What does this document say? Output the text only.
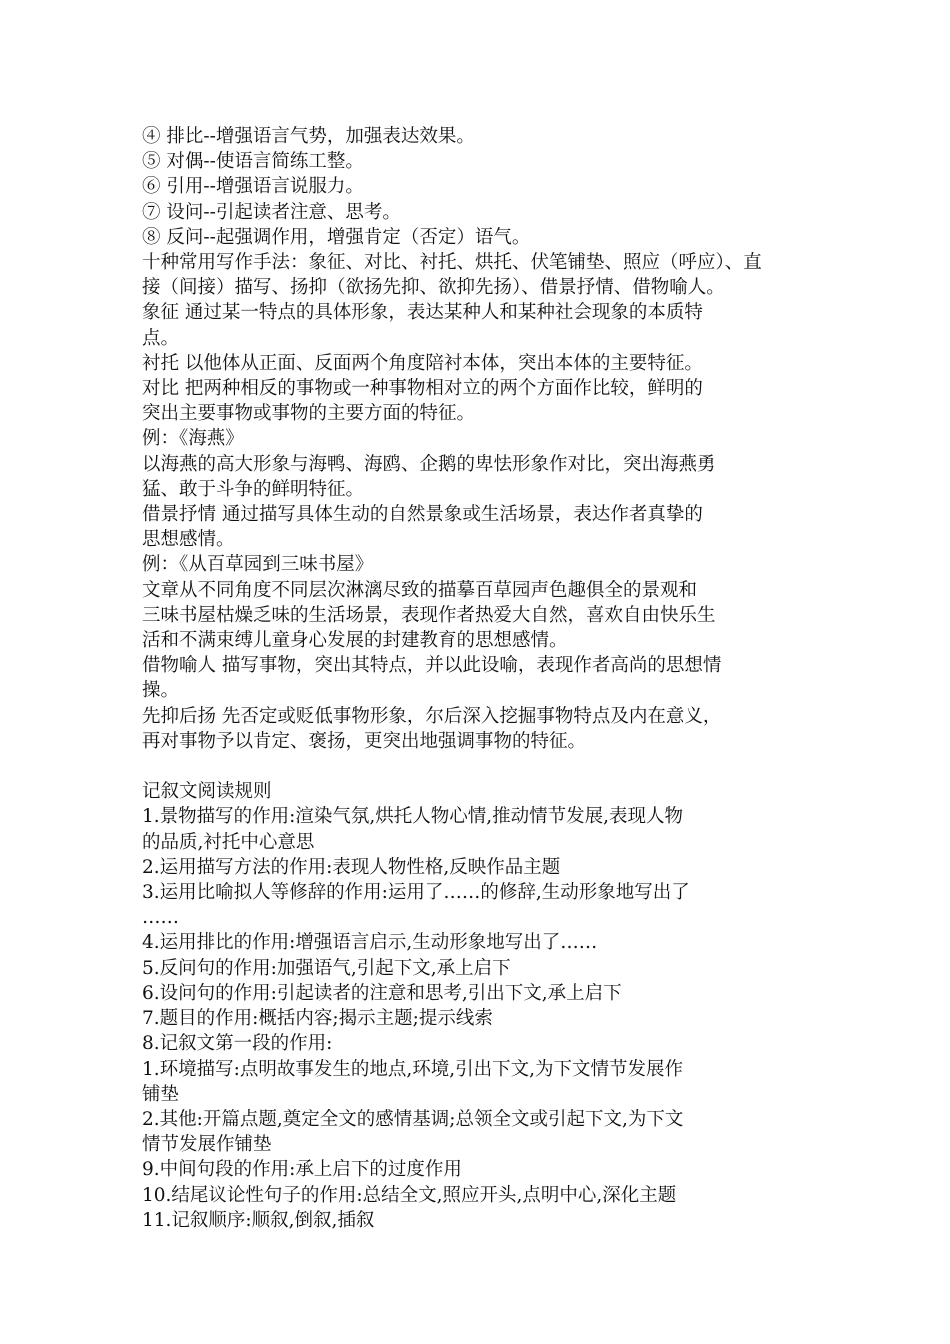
④ 排比--增强语言气势，加强表达效果。
⑤ 对偶--使语言简练工整。
⑥ 引用--增强语言说服力。
⑦ 设问--引起读者注意、思考。
⑧ 反问--起强调作用，增强肯定（否定）语气。
十种常用写作手法：象征、对比、衬托、烘托、伏笔铺垫、照应（呼应）、直
接（间接）描写、扬抑（欲扬先抑、欲抑先扬）、借景抒情、借物喻人。
象征 通过某一特点的具体形象，表达某种人和某种社会现象的本质特
点。
衬托 以他体从正面、反面两个角度陪衬本体，突出本体的主要特征。
对比 把两种相反的事物或一种事物相对立的两个方面作比较，鲜明的
突出主要事物或事物的主要方面的特征。
例：《海燕》
以海燕的高大形象与海鸭、海鸥、企鹅的卑怯形象作对比，突出海燕勇
猛、敢于斗争的鲜明特征。
借景抒情 通过描写具体生动的自然景象或生活场景，表达作者真挚的
思想感情。
例：《从百草园到三味书屋》
文章从不同角度不同层次淋漓尽致的描摹百草园声色趣俱全的景观和
三味书屋枯燥乏味的生活场景，表现作者热爱大自然，喜欢自由快乐生
活和不满束缚儿童身心发展的封建教育的思想感情。
借物喻人 描写事物，突出其特点，并以此设喻，表现作者高尚的思想情
操。
先抑后扬 先否定或贬低事物形象，尔后深入挖掘事物特点及内在意义，
再对事物予以肯定、褒扬，更突出地强调事物的特征。
记叙文阅读规则
1.景物描写的作用:渲染气氛,烘托人物心情,推动情节发展,表现人物
的品质,衬托中心意思
2.运用描写方法的作用:表现人物性格,反映作品主题
3.运用比喻拟人等修辞的作用:运用了……的修辞,生动形象地写出了
……
4.运用排比的作用:增强语言启示,生动形象地写出了……
5.反问句的作用:加强语气,引起下文,承上启下
6.设问句的作用:引起读者的注意和思考,引出下文,承上启下
7.题目的作用:概括内容;揭示主题;提示线索
8.记叙文第一段的作用:
1.环境描写:点明故事发生的地点,环境,引出下文,为下文情节发展作
铺垫
2.其他:开篇点题,奠定全文的感情基调;总领全文或引起下文,为下文
情节发展作铺垫
9.中间句段的作用:承上启下的过度作用
10.结尾议论性句子的作用:总结全文,照应开头,点明中心,深化主题
11.记叙顺序:顺叙,倒叙,插叙
